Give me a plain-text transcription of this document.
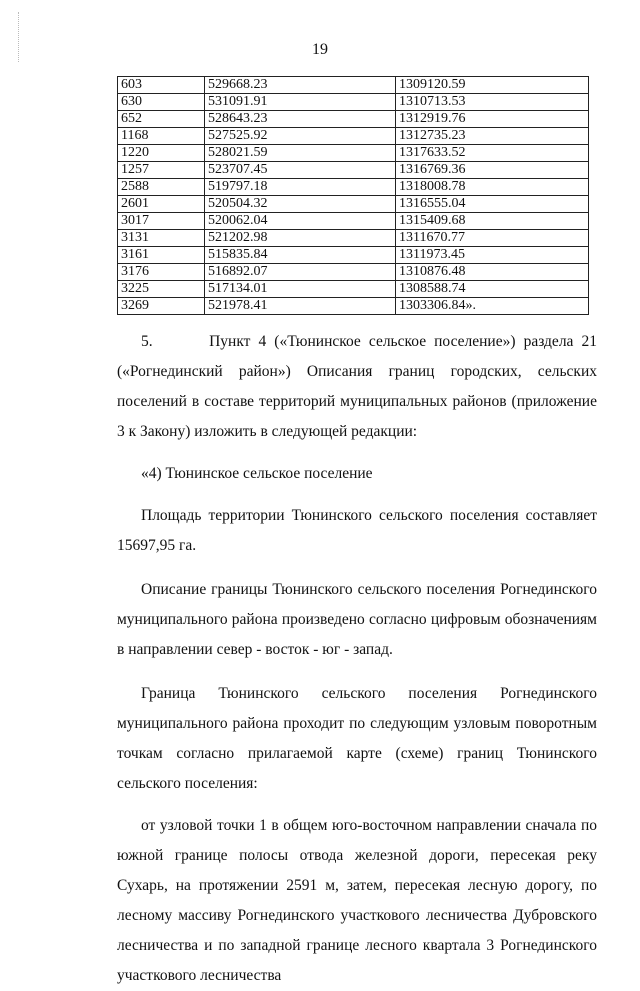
19
603	529668.23	1309120.59
630	531091.91	1310713.53
652	528643.23	1312919.76
1168	527525.92	1312735.23
1220	528021.59	1317633.52
1257	523707.45	1316769.36
2588	519797.18	1318008.78
2601	520504.32	1316555.04
3017	520062.04	1315409.68
3131	521202.98	1311670.77
3161	515835.84	1311973.45
3176	516892.07	1310876.48
3225	517134.01	1308588.74
3269	521978.41	1303306.84».

5.       Пункт 4 («Тюнинское сельское поселение») раздела 21

(«Рогнединский район») Описания границ городских, сельских поселений в составе территорий муниципальных районов (приложение 3 к Закону) изложить в следующей редакции:

«4) Тюнинское сельское поселение

Площадь территории Тюнинского сельского поселения составляет 15697,95 га.

Описание границы Тюнинского сельского поселения Рогнединского муниципального района произведено согласно цифровым обозначениям в направлении север - восток - юг - запад.

Граница Тюнинского сельского поселения Рогнединского муниципального района проходит по следующим узловым поворотным точкам согласно прилагаемой карте (схеме) границ Тюнинского сельского поселения:

от узловой точки 1 в общем юго-восточном направлении сначала по южной границе полосы отвода железной дороги, пересекая реку Сухарь, на протяжении 2591 м, затем, пересекая лесную дорогу, по лесному массиву Рогнединского участкового лесничества Дубровского лесничества и по западной границе лесного квартала 3 Рогнединского участкового лесничества
